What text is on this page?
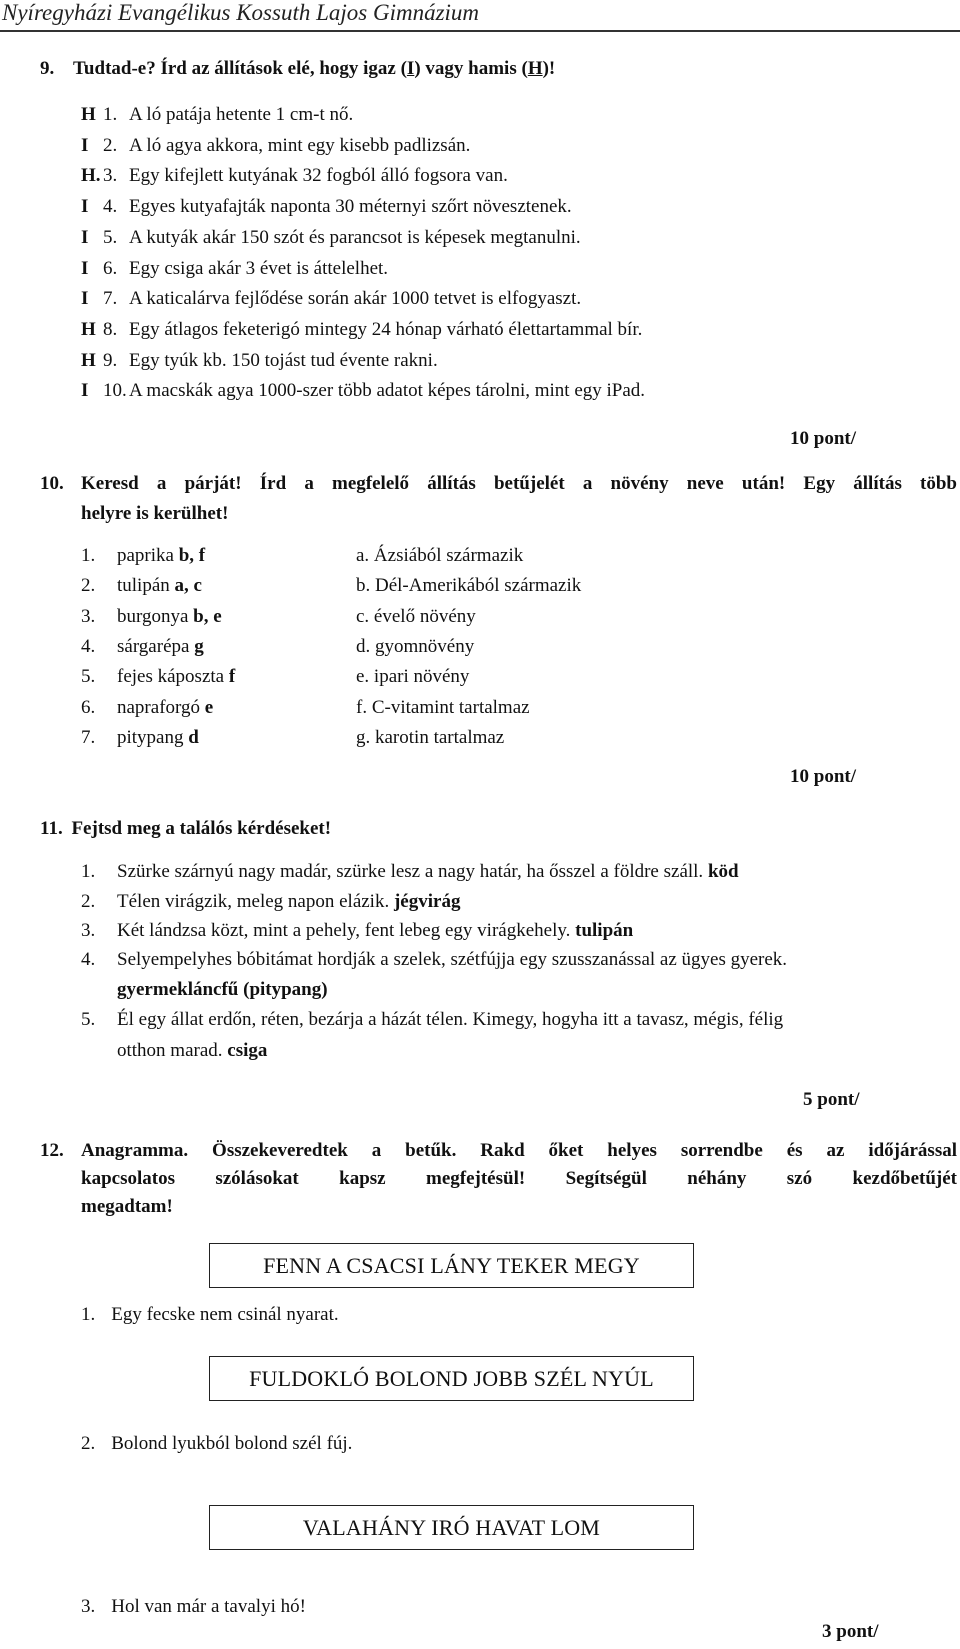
Nyíregyházi Evangélikus Kossuth Lajos Gimnázium
9. Tudtad-e? Írd az állítások elé, hogy igaz (I) vagy hamis (H)!
H 1. A ló patája hetente 1 cm-t nő.
I 2. A ló agya akkora, mint egy kisebb padlizsán.
H. 3. Egy kifejlett kutyának 32 fogból álló fogsora van.
I 4. Egyes kutyafajták naponta 30 méternyi szőrt növesztenek.
I 5. A kutyák akár 150 szót és parancsot is képesek megtanulni.
I 6. Egy csiga akár 3 évet is áttelelhet.
I 7. A katicalárva fejlődése során akár 1000 tetvet is elfogyaszt.
H 8. Egy átlagos feketerigó mintegy 24 hónap várható élettartammal bír.
H 9. Egy tyúk kb. 150 tojást tud évente rakni.
I 10. A macskák agya 1000-szer több adatot képes tárolni, mint egy iPad.
10 pont/
10. Keresd a párját! Írd a megfelelő állítás betűjelét a növény neve után! Egy állítás több
helyre is kerülhet!
1. paprika b, f
2. tulipán a, c
3. burgonya b, e
4. sárgarépa g
5. fejes káposzta f
6. napraforgó e
7. pitypang d
a. Ázsiából származik
b. Dél-Amerikából származik
c. évelő növény
d. gyomnövény
e. ipari növény
f. C-vitamint tartalmaz
g. karotin tartalmaz
10 pont/
11. Fejtsd meg a találós kérdéseket!
1. Szürke szárnyú nagy madár, szürke lesz a nagy határ, ha ősszel a földre száll. köd
2. Télen virágzik, meleg napon elázik. jégvirág
3. Két lándzsa közt, mint a pehely, fent lebeg egy virágkehely. tulipán
4. Selyempelyhes bóbitámat hordják a szelek, szétfújja egy szusszanással az ügyes gyerek.
gyermekláncfű (pitypang)
5. Él egy állat erdőn, réten, bezárja a házát télen. Kimegy, hogyha itt a tavasz, mégis, félig
otthon marad. csiga
5 pont/
12. Anagramma. Összekeveredtek a betűk. Rakd őket helyes sorrendbe és az időjárással
kapcsolatos szólásokat kapsz megfejtésül! Segítségül néhány szó kezdőbetűjét
megadtam!
FENN A CSACSI LÁNY TEKER MEGY
1. Egy fecske nem csinál nyarat.
FULDOKLÓ BOLOND JOBB SZÉL NYÚL
2. Bolond lyukból bolond szél fúj.
VALAHÁNY IRÓ HAVAT LOM
3. Hol van már a tavalyi hó!
3 pont/
